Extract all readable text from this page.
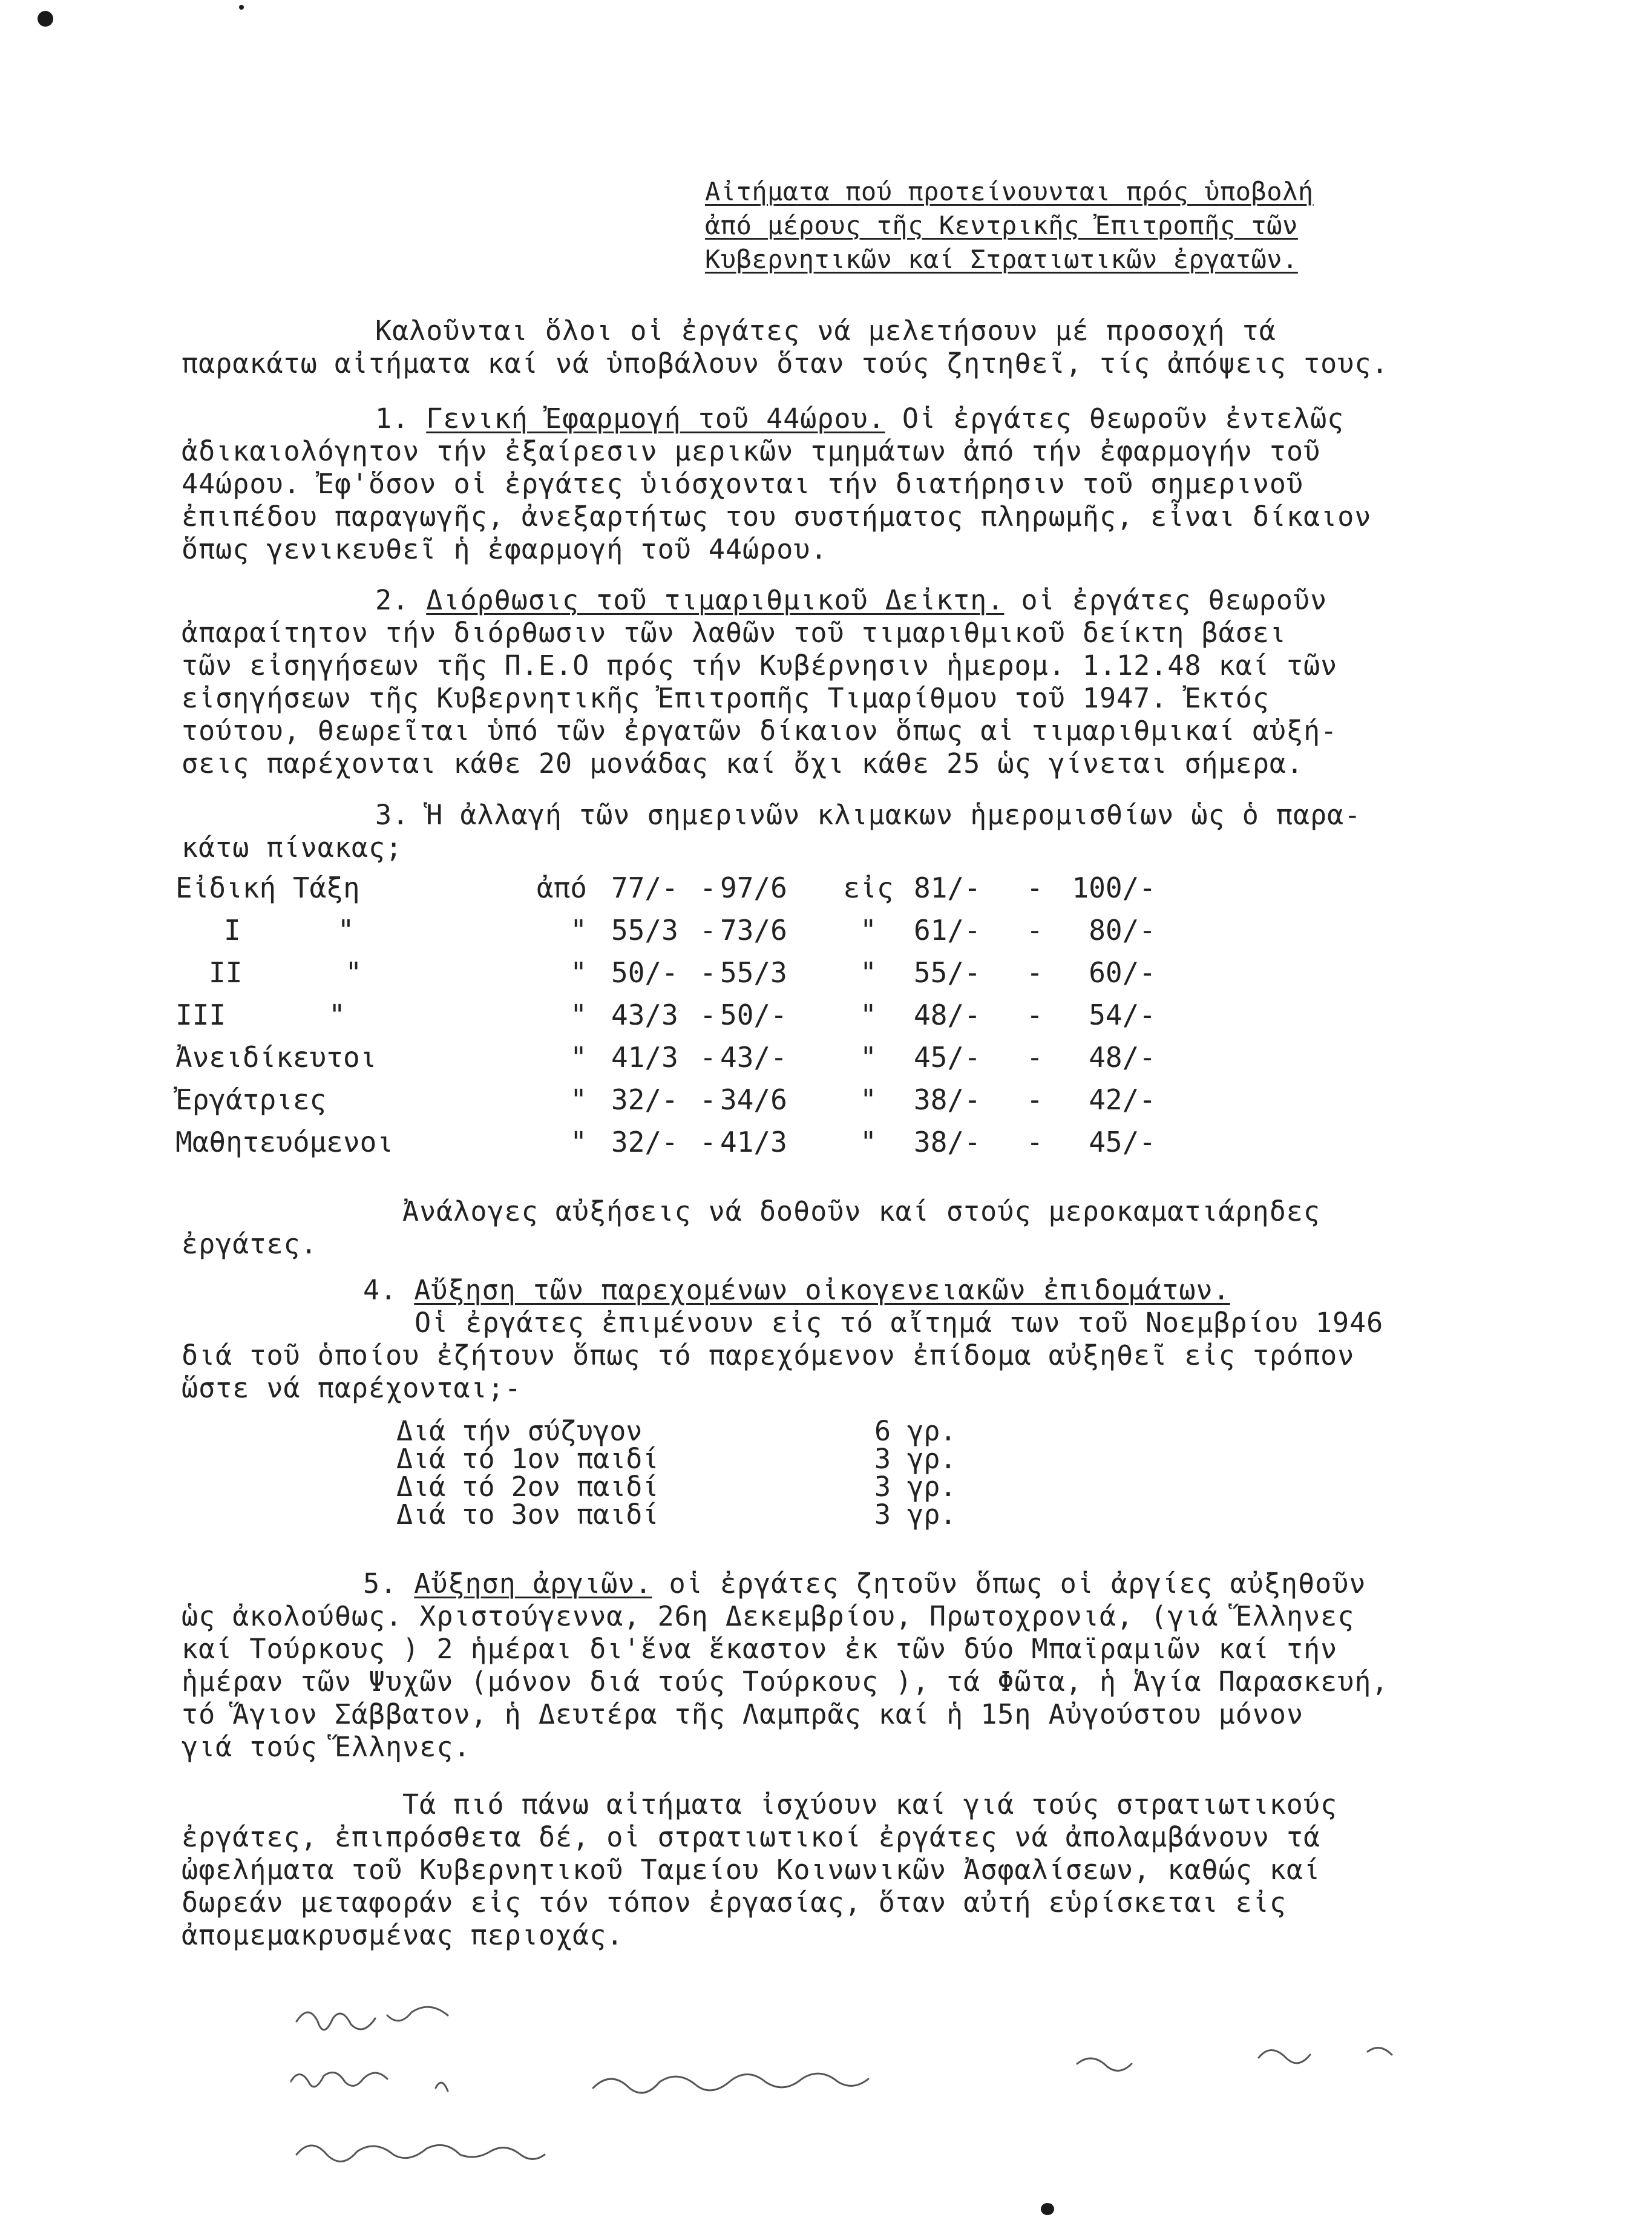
Αἰτήματα πού προτείνουνται πρός ὑποβολή
ἀπό μέρους τῆς Κεντρικῆς Ἐπιτροπῆς τῶν
Κυβερνητικῶν καί Στρατιωτικῶν ἐργατῶν.
Καλοῦνται ὅλοι οἱ ἐργάτες νά μελετήσουν μέ προσοχή τά
παρακάτω αἰτήματα καί νά ὑποβάλουν ὅταν τούς ζητηθεῖ, τίς ἀπόψεις τους.
1. Γενική Ἐφαρμογή τοῦ 44ώρου. Οἱ ἐργάτες θεωροῦν ἐντελῶς
ἀδικαιολόγητον τήν ἐξαίρεσιν μερικῶν τμημάτων ἀπό τήν ἐφαρμογήν τοῦ
44ώρου. Ἐφ'ὅσον οἱ ἐργάτες ὑιόσχονται τήν διατήρησιν τοῦ σημερινοῦ
ἐπιπέδου παραγωγῆς, ἀνεξαρτήτως του συστήματος πληρωμῆς, εἶναι δίκαιον
ὅπως γενικευθεῖ ἡ ἐφαρμογή τοῦ 44ώρου.
2. Διόρθωσις τοῦ τιμαριθμικοῦ Δεἰκτη. οἱ ἐργάτες θεωροῦν
ἀπαραίτητον τήν διόρθωσιν τῶν λαθῶν τοῦ τιμαριθμικοῦ δείκτη βάσει
τῶν εἰσηγήσεων τῆς Π.Ε.Ο πρός τήν Κυβέρνησιν ἡμερομ. 1.12.48 καί τῶν
εἰσηγήσεων τῆς Κυβερνητικῆς Ἐπιτροπῆς Τιμαρίθμου τοῦ 1947. Ἐκτός
τούτου, θεωρεῖται ὑπό τῶν ἐργατῶν δίκαιον ὅπως αἱ τιμαριθμικαί αὐξή-
σεις παρέχονται κάθε 20 μονάδας καί ὄχι κάθε 25 ὡς γίνεται σήμερα.
3. Ἡ ἀλλαγή τῶν σημερινῶν κλιμακων ἡμερομισθίων ὡς ὁ παρα-
κάτω πίνακας;
Εἰδική Τάξη	ἀπό	77/-	-	97/6	εἰς	81/-	-	100/-
I "	"	55/3	-	73/6	"	61/-	-	80/-
II "	"	50/-	-	55/3	"	55/-	-	60/-
III "	"	43/3	-	50/-	"	48/-	-	54/-
Ἀνειδίκευτοι	"	41/3	-	43/-	"	45/-	-	48/-
Ἐργάτριες	"	32/-	-	34/6	"	38/-	-	42/-
Μαθητευόμενοι	"	32/-	-	41/3	"	38/-	-	45/-
Ἀνάλογες αὐξήσεις νά δοθοῦν καί στούς μεροκαματιάρηδες
ἐργάτες.
4. Αὔξηση τῶν παρεχομένων οἰκογενειακῶν ἐπιδομάτων.
Οἱ ἐργάτες ἐπιμένουν εἰς τό αἴτημά των τοῦ Νοεμβρίου 1946
διά τοῦ ὁποίου ἐζήτουν ὅπως τό παρεχόμενον ἐπίδομα αὐξηθεῖ εἰς τρόπον
ὥστε νά παρέχονται;-
Διά τήν σύζυγον	6 γρ.
Διά τό 1ον παιδί	3 γρ.
Διά τό 2ον παιδί	3 γρ.
Διά το 3ον παιδί	3 γρ.
5. Αὔξηση ἀργιῶν. οἱ ἐργάτες ζητοῦν ὅπως οἱ ἀργίες αὐξηθοῦν
ὡς ἀκολούθως. Χριστούγεννα, 26η Δεκεμβρίου, Πρωτοχρονιά, (γιά Ἕλληνες
καί Τούρκους ) 2 ἡμέραι δι'ἕνα ἕκαστον ἐκ τῶν δύο Μπαϊραμιῶν καί τήν
ἡμέραν τῶν Ψυχῶν (μόνον διά τούς Τούρκους ), τά Φῶτα, ἡ Ἁγία Παρασκευή,
τό Ἅγιον Σάββατον, ἡ Δευτέρα τῆς Λαμπρᾶς καί ἡ 15η Αὐγούστου μόνον
γιά τούς Ἕλληνες.
Τά πιό πάνω αἰτήματα ἰσχύουν καί γιά τούς στρατιωτικούς
ἐργάτες, ἐπιπρόσθετα δέ, οἱ στρατιωτικοί ἐργάτες νά ἀπολαμβάνουν τά
ὠφελήματα τοῦ Κυβερνητικοῦ Ταμείου Κοινωνικῶν Ἀσφαλίσεων, καθώς καί
δωρεάν μεταφοράν εἰς τόν τόπον ἐργασίας, ὅταν αὐτή εὑρίσκεται εἰς
ἀπομεμακρυσμένας περιοχάς.
